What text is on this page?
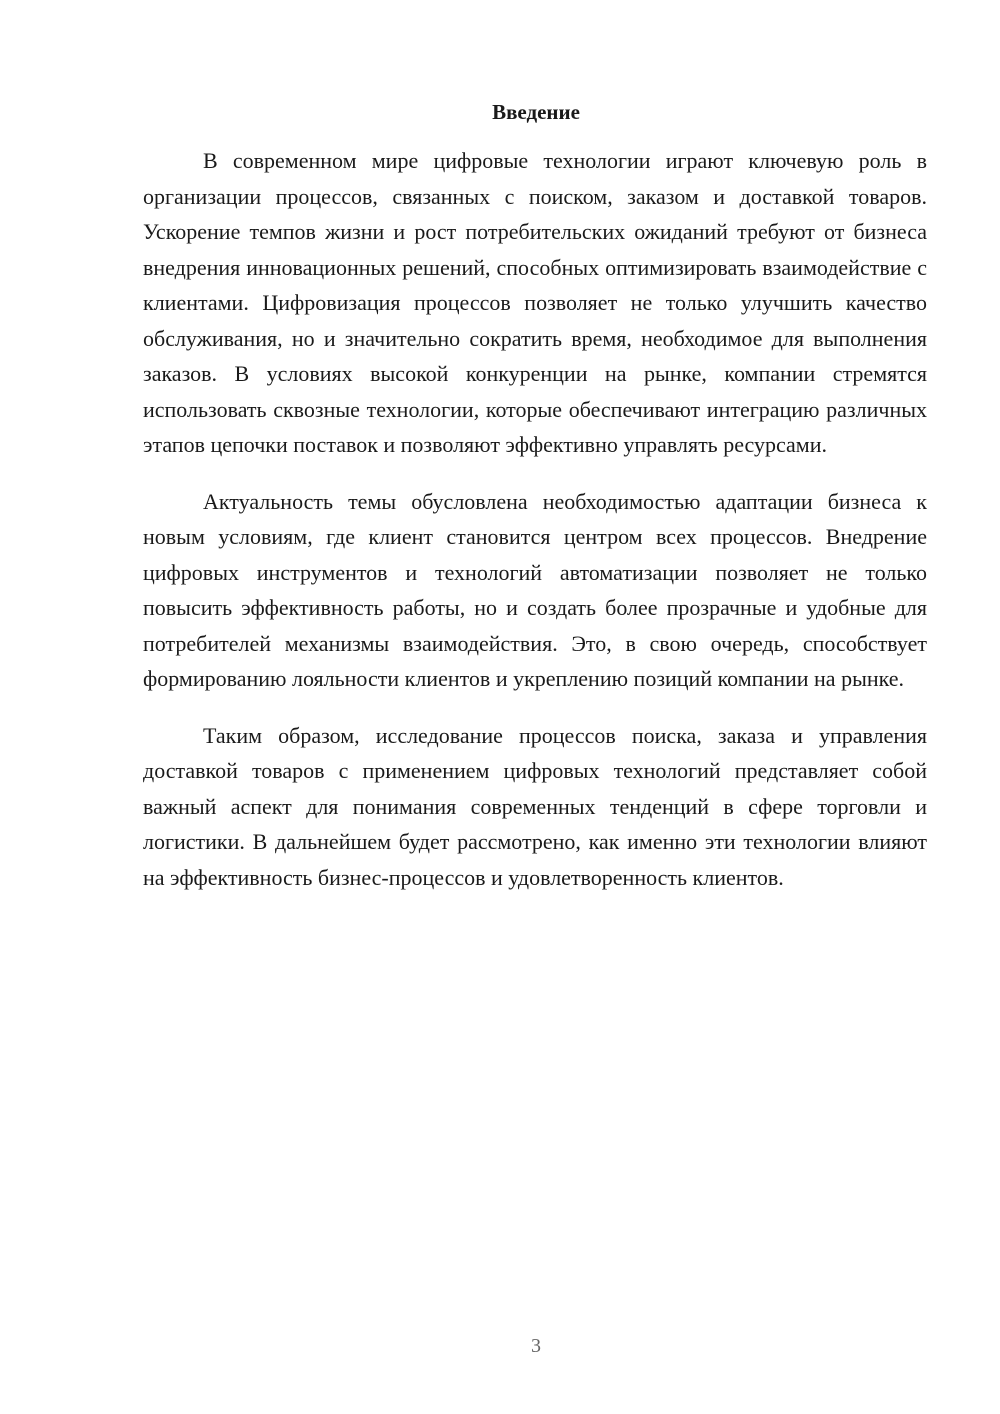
Введение

В современном мире цифровые технологии играют ключевую роль в организации процессов, связанных с поиском, заказом и доставкой товаров. Ускорение темпов жизни и рост потребительских ожиданий требуют от бизнеса внедрения инновационных решений, способных оптимизировать взаимодействие с клиентами. Цифровизация процессов позволяет не только улучшить качество обслуживания, но и значительно сократить время, необходимое для выполнения заказов. В условиях высокой конкуренции на рынке, компании стремятся использовать сквозные технологии, которые обеспечивают интеграцию различных этапов цепочки поставок и позволяют эффективно управлять ресурсами.

Актуальность темы обусловлена необходимостью адаптации бизнеса к новым условиям, где клиент становится центром всех процессов. Внедрение цифровых инструментов и технологий автоматизации позволяет не только повысить эффективность работы, но и создать более прозрачные и удобные для потребителей механизмы взаимодействия. Это, в свою очередь, способствует формированию лояльности клиентов и укреплению позиций компании на рынке.

Таким образом, исследование процессов поиска, заказа и управления доставкой товаров с применением цифровых технологий представляет собой важный аспект для понимания современных тенденций в сфере торговли и логистики. В дальнейшем будет рассмотрено, как именно эти технологии влияют на эффективность бизнес-процессов и удовлетворенность клиентов.

3
